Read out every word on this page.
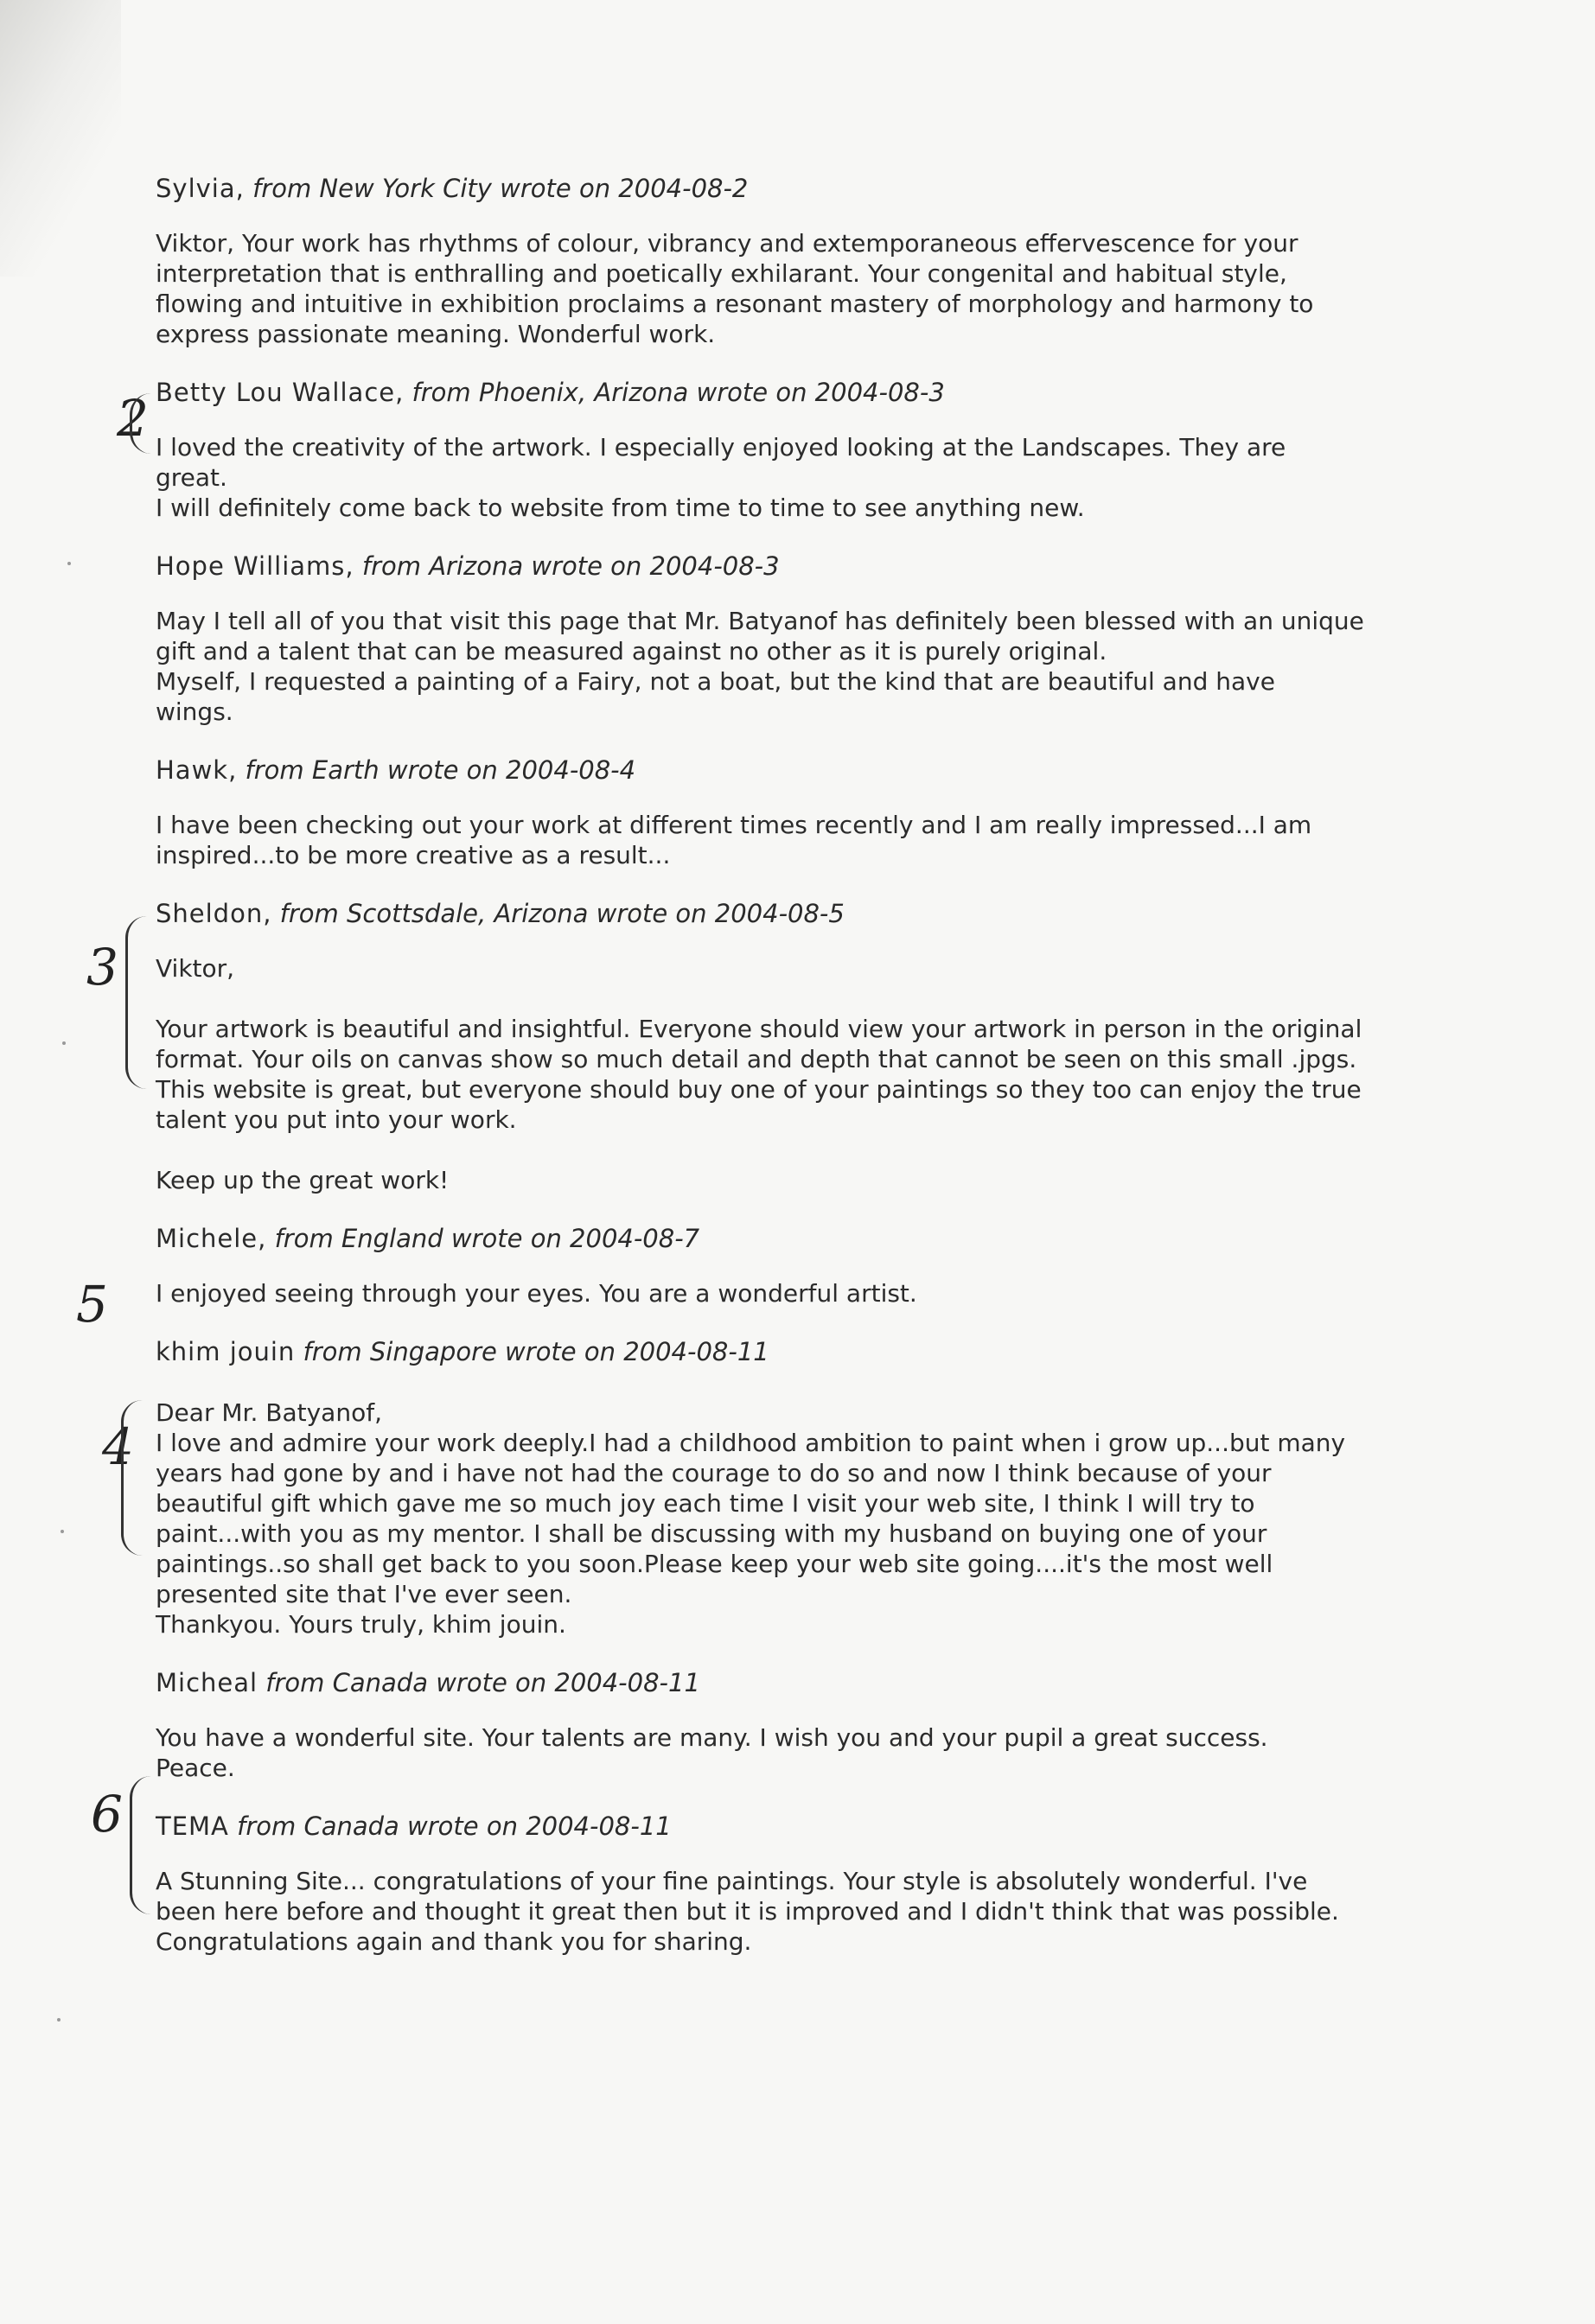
Sylvia, from New York City wrote on 2004-08-2

Viktor, Your work has rhythms of colour, vibrancy and extemporaneous effervescence for your

interpretation that is enthralling and poetically exhilarant. Your congenital and habitual style,

flowing and intuitive in exhibition proclaims a resonant mastery of morphology and harmony to

express passionate meaning. Wonderful work.

Betty Lou Wallace, from Phoenix, Arizona wrote on 2004-08-3

I loved the creativity of the artwork. I especially enjoyed looking at the Landscapes. They are

great.

I will definitely come back to website from time to time to see anything new.

Hope Williams, from Arizona wrote on 2004-08-3

May I tell all of you that visit this page that Mr. Batyanof has definitely been blessed with an unique

gift and a talent that can be measured against no other as it is purely original.

Myself, I requested a painting of a Fairy, not a boat, but the kind that are beautiful and have

wings.

Hawk, from Earth wrote on 2004-08-4

I have been checking out your work at different times recently and I am really impressed...I am

inspired...to be more creative as a result...

Sheldon, from Scottsdale, Arizona wrote on 2004-08-5

Viktor,

Your artwork is beautiful and insightful. Everyone should view your artwork in person in the original

format. Your oils on canvas show so much detail and depth that cannot be seen on this small .jpgs.

This website is great, but everyone should buy one of your paintings so they too can enjoy the true

talent you put into your work.

Keep up the great work!

Michele, from England wrote on 2004-08-7

I enjoyed seeing through your eyes. You are a wonderful artist.

khim jouin from Singapore wrote on 2004-08-11

Dear Mr. Batyanof,

I love and admire your work deeply.I had a childhood ambition to paint when i grow up...but many

years had gone by and i have not had the courage to do so and now I think because of your

beautiful gift which gave me so much joy each time I visit your web site, I think I will try to

paint...with you as my mentor. I shall be discussing with my husband on buying one of your

paintings..so shall get back to you soon.Please keep your web site going....it's the most well

presented site that I've ever seen.

Thankyou. Yours truly, khim jouin.

Micheal from Canada wrote on 2004-08-11

You have a wonderful site. Your talents are many. I wish you and your pupil a great success.

Peace.

TEMA from Canada wrote on 2004-08-11

A Stunning Site... congratulations of your fine paintings. Your style is absolutely wonderful. I've

been here before and thought it great then but it is improved and I didn't think that was possible.

Congratulations again and thank you for sharing.

2
3
5
4
6
